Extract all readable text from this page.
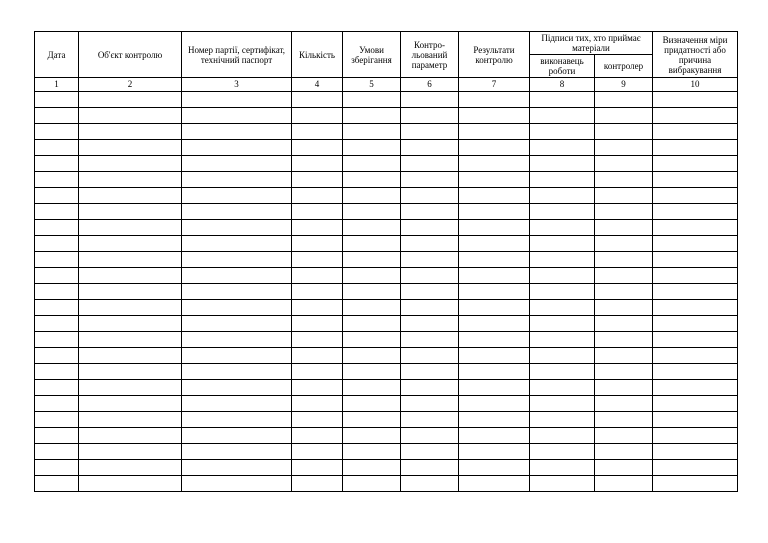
Дата	Об'єкт контролю	Номер партії, сертифікат, технічний паспорт	Кількість	Умови зберігання	Контро-льований параметр	Результати контролю	Підписи тих, хто приймає матеріали		Визначення міри придатності або причина вибракування

							виконавець роботи	контролер	

1	2	3	4	5	6	7	8	9	10
